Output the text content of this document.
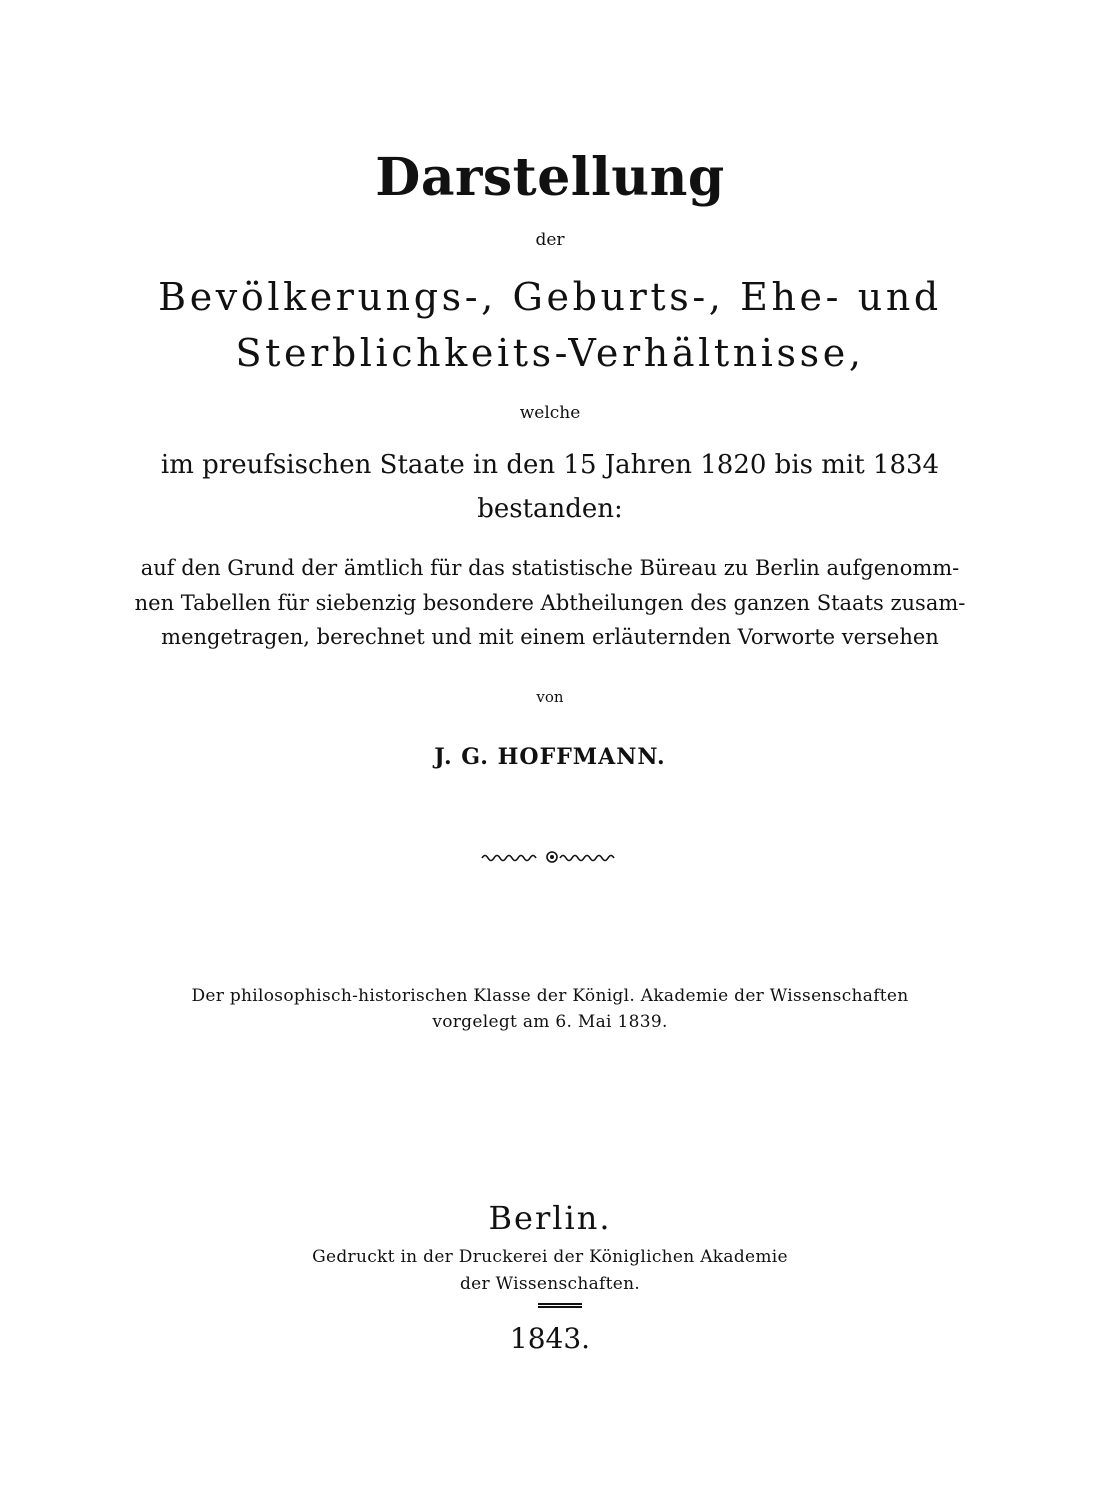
Darstellung
der
Bevölkerungs-, Geburts-, Ehe- und
Sterblichkeits-Verhältnisse,
welche
im preufsischen Staate in den 15 Jahren 1820 bis mit 1834
bestanden:
auf den Grund der ämtlich für das statistische Büreau zu Berlin aufgenomm-
nen Tabellen für siebenzig besondere Abtheilungen des ganzen Staats zusam-
mengetragen, berechnet und mit einem erläuternden Vorworte versehen
von
J. G. HOFFMANN.
Der philosophisch-historischen Klasse der Königl. Akademie der Wissenschaften
vorgelegt am 6. Mai 1839.
Berlin.
Gedruckt in der Druckerei der Königlichen Akademie
der Wissenschaften.
1843.
